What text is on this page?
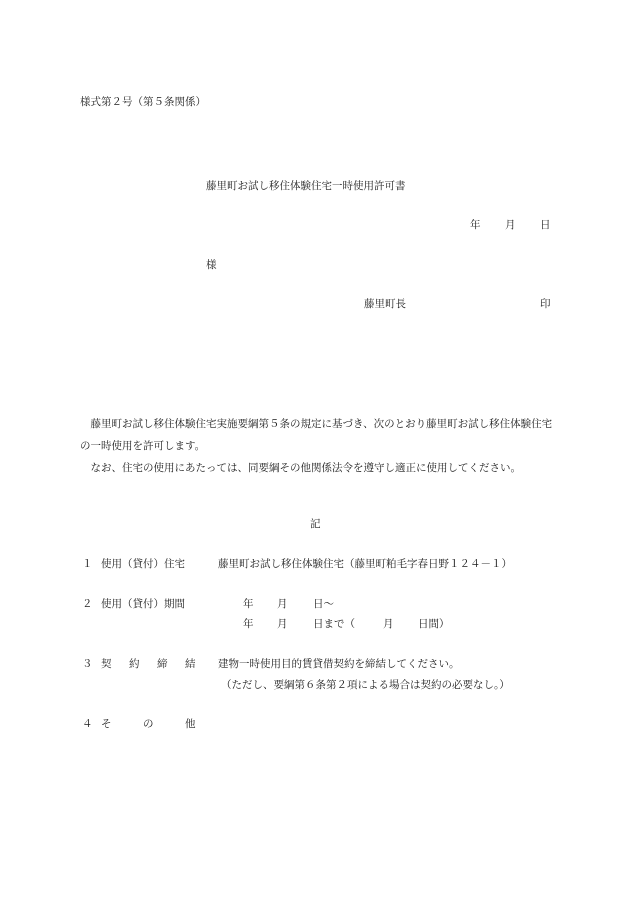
様式第２号（第５条関係）
藤里町お試し移住体験住宅一時使用許可書
年 月 日
様
藤里町長	印
藤里町お試し移住体験住宅実施要綱第５条の規定に基づき、次のとおり藤里町お試し移住体験住宅の一時使用を許可します。
なお、住宅の使用にあたっては、同要綱その他関係法令を遵守し適正に使用してください。
記
１ 使用（貸付）住宅	藤里町お試し移住体験住宅（藤里町粕毛字春日野１２４－１）
２ 使用（貸付）期間	年 月 日～
年 月 日まで（	月 日間）
３ 契 約 締 結 建物一時使用目的賃貸借契約を締結してください。
（ただし、要綱第６条第２項による場合は契約の必要なし。）
４ そ	の	他
